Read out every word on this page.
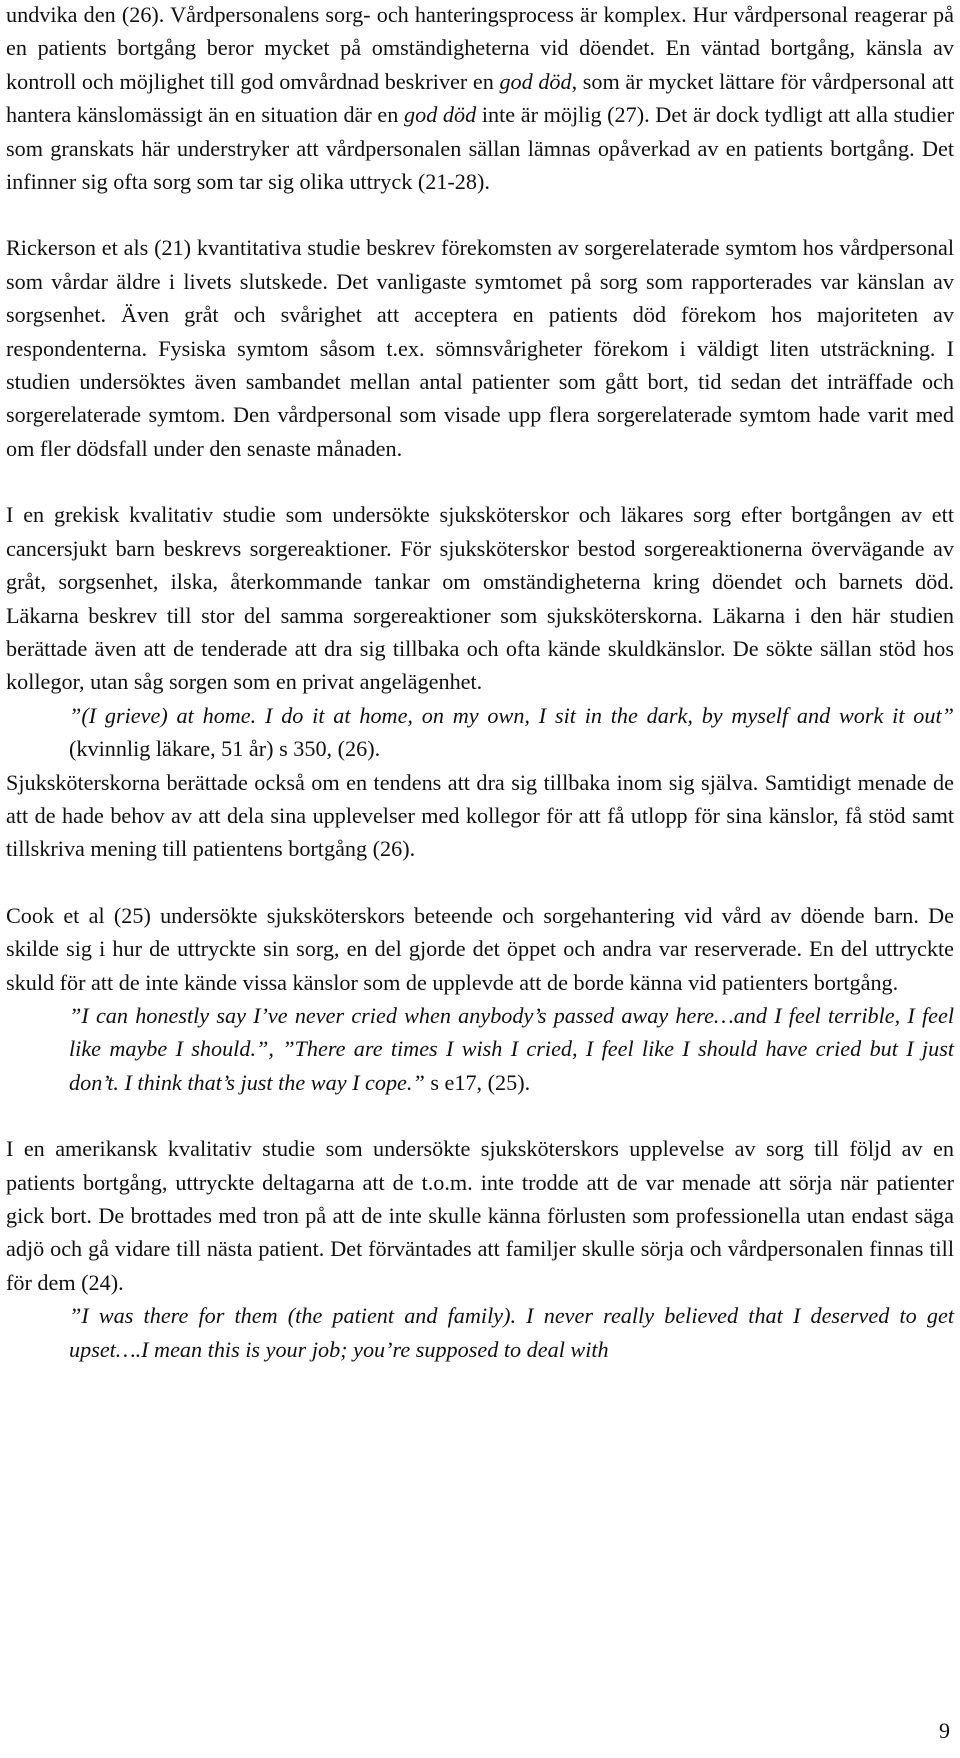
undvika den (26). Vårdpersonalens sorg- och hanteringsprocess är komplex. Hur vårdpersonal reagerar på en patients bortgång beror mycket på omständigheterna vid döendet. En väntad bortgång, känsla av kontroll och möjlighet till god omvårdnad beskriver en god död, som är mycket lättare för vårdpersonal att hantera känslomässigt än en situation där en god död inte är möjlig (27). Det är dock tydligt att alla studier som granskats här understryker att vårdpersonalen sällan lämnas opåverkad av en patients bortgång. Det infinner sig ofta sorg som tar sig olika uttryck (21-28).

Rickerson et als (21) kvantitativa studie beskrev förekomsten av sorgerelaterade symtom hos vårdpersonal som vårdar äldre i livets slutskede. Det vanligaste symtomet på sorg som rapporterades var känslan av sorgsenhet. Även gråt och svårighet att acceptera en patients död förekom hos majoriteten av respondenterna. Fysiska symtom såsom t.ex. sömnsvårigheter förekom i väldigt liten utsträckning. I studien undersöktes även sambandet mellan antal patienter som gått bort, tid sedan det inträffade och sorgerelaterade symtom. Den vårdpersonal som visade upp flera sorgerelaterade symtom hade varit med om fler dödsfall under den senaste månaden.

I en grekisk kvalitativ studie som undersökte sjuksköterskor och läkares sorg efter bortgången av ett cancersjukt barn beskrevs sorgereaktioner. För sjuksköterskor bestod sorgereaktionerna övervägande av gråt, sorgsenhet, ilska, återkommande tankar om omständigheterna kring döendet och barnets död. Läkarna beskrev till stor del samma sorgereaktioner som sjuksköterskorna. Läkarna i den här studien berättade även att de tenderade att dra sig tillbaka och ofta kände skuldkänslor. De sökte sällan stöd hos kollegor, utan såg sorgen som en privat angelägenhet.

”(I grieve) at home. I do it at home, on my own, I sit in the dark, by myself and work it out” (kvinnlig läkare, 51 år) s 350, (26).

Sjuksköterskorna berättade också om en tendens att dra sig tillbaka inom sig själva. Samtidigt menade de att de hade behov av att dela sina upplevelser med kollegor för att få utlopp för sina känslor, få stöd samt tillskriva mening till patientens bortgång (26).

Cook et al (25) undersökte sjuksköterskors beteende och sorgehantering vid vård av döende barn. De skilde sig i hur de uttryckte sin sorg, en del gjorde det öppet och andra var reserverade. En del uttryckte skuld för att de inte kände vissa känslor som de upplevde att de borde känna vid patienters bortgång.

”I can honestly say I’ve never cried when anybody’s passed away here…and I feel terrible, I feel like maybe I should.”, ”There are times I wish I cried, I feel like I should have cried but I just don’t. I think that’s just the way I cope.” s e17, (25).

I en amerikansk kvalitativ studie som undersökte sjuksköterskors upplevelse av sorg till följd av en patients bortgång, uttryckte deltagarna att de t.o.m. inte trodde att de var menade att sörja när patienter gick bort. De brottades med tron på att de inte skulle känna förlusten som professionella utan endast säga adjö och gå vidare till nästa patient. Det förväntades att familjer skulle sörja och vårdpersonalen finnas till för dem (24).

”I was there for them (the patient and family). I never really believed that I deserved to get upset….I mean this is your job; you’re supposed to deal with

9
